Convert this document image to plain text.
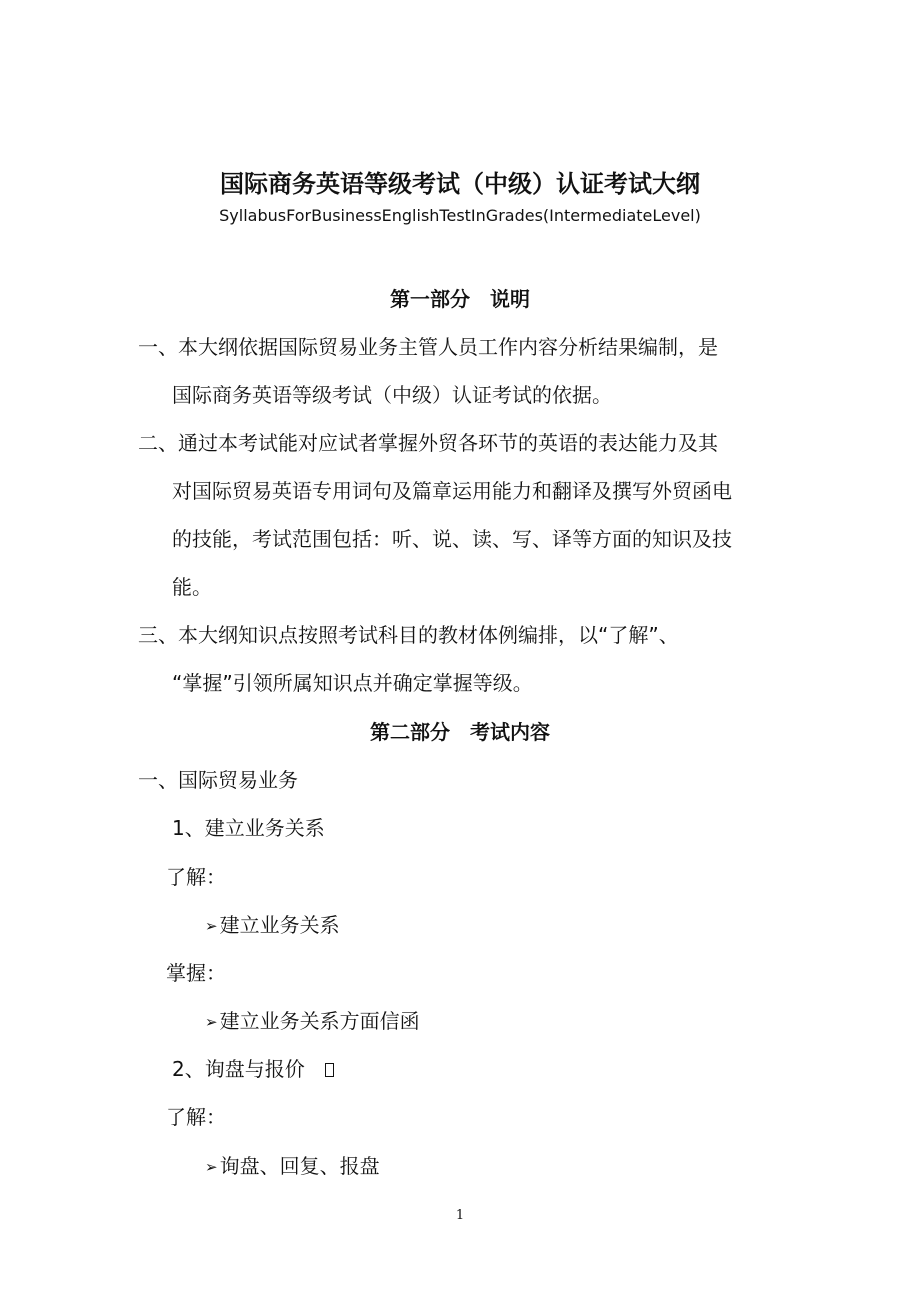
国际商务英语等级考试（中级）认证考试大纲
SyllabusForBusinessEnglishTestInGrades(IntermediateLevel)
第一部分　说明
一、本大纲依据国际贸易业务主管人员工作内容分析结果编制，是
国际商务英语等级考试（中级）认证考试的依据。
二、通过本考试能对应试者掌握外贸各环节的英语的表达能力及其
对国际贸易英语专用词句及篇章运用能力和翻译及撰写外贸函电
的技能，考试范围包括：听、说、读、写、译等方面的知识及技
能。
三、本大纲知识点按照考试科目的教材体例编排，以“了解”、
“掌握”引领所属知识点并确定掌握等级。
第二部分　考试内容
一、国际贸易业务
1、建立业务关系
了解：
➢ 建立业务关系
掌握：
➢ 建立业务关系方面信函
2、询盘与报价
了解：
➢ 询盘、回复、报盘
1
